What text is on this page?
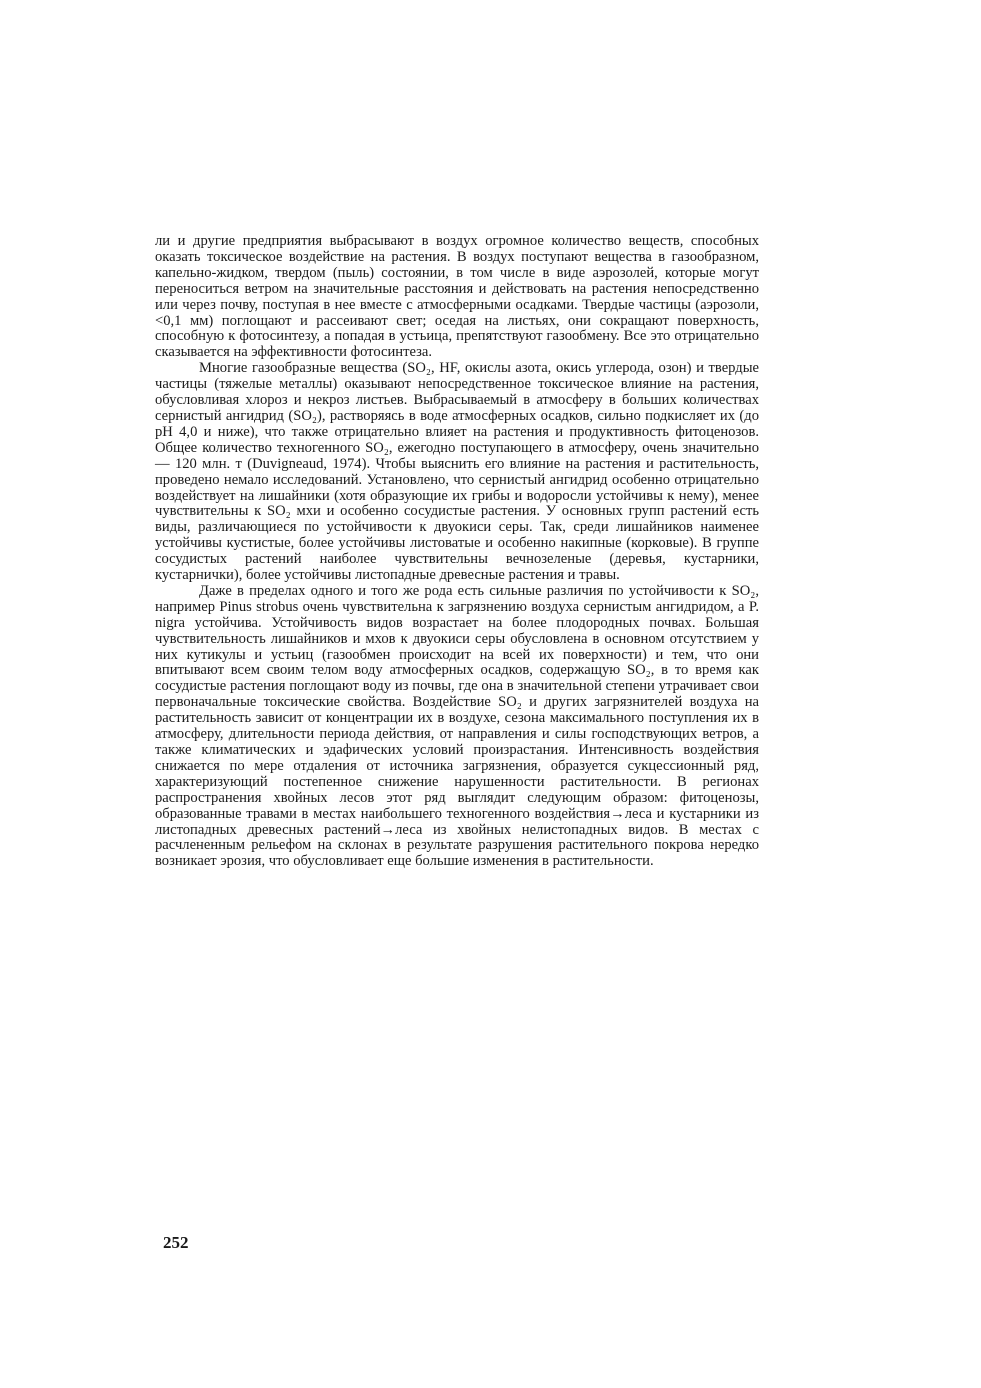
ли и другие предприятия выбрасывают в воздух огромное количество веществ, способных оказать токсическое воздействие на растения. В воздух поступают вещества в газообразном, капельно-жидком, твердом (пыль) состоянии, в том числе в виде аэрозолей, которые могут переноситься ветром на значительные расстояния и действовать на растения непосредственно или через почву, поступая в нее вместе с атмосферными осадками. Твердые частицы (аэрозоли, <0,1 мм) поглощают и рассеивают свет; оседая на листьях, они сокращают поверхность, способную к фотосинтезу, а попадая в устьица, препятствуют газообмену. Все это отрицательно сказывается на эффективности фотосинтеза.

Многие газообразные вещества (SO₂, HF, окислы азота, окись углерода, озон) и твердые частицы (тяжелые металлы) оказывают непосредственное токсическое влияние на растения, обусловливая хлороз и некроз листьев. Выбрасываемый в атмосферу в больших количествах сернистый ангидрид (SO₂), растворяясь в воде атмосферных осадков, сильно подкисляет их (до pH 4,0 и ниже), что также отрицательно влияет на растения и продуктивность фитоценозов. Общее количество техногенного SO₂, ежегодно поступающего в атмосферу, очень значительно — 120 млн. т (Duvigneaud, 1974). Чтобы выяснить его влияние на растения и растительность, проведено немало исследований. Установлено, что сернистый ангидрид особенно отрицательно воздействует на лишайники (хотя образующие их грибы и водоросли устойчивы к нему), менее чувствительны к SO₂ мхи и особенно сосудистые растения. У основных групп растений есть виды, различающиеся по устойчивости к двуокиси серы. Так, среди лишайников наименее устойчивы кустистые, более устойчивы листоватые и особенно накипные (корковые). В группе сосудистых растений наиболее чувствительны вечнозеленые (деревья, кустарники, кустарнички), более устойчивы листопадные древесные растения и травы.

Даже в пределах одного и того же рода есть сильные различия по устойчивости к SO₂, например Pinus strobus очень чувствительна к загрязнению воздуха сернистым ангидридом, а P. nigra устойчива. Устойчивость видов возрастает на более плодородных почвах. Большая чувствительность лишайников и мхов к двуокиси серы обусловлена в основном отсутствием у них кутикулы и устьиц (газообмен происходит на всей их поверхности) и тем, что они впитывают всем своим телом воду атмосферных осадков, содержащую SO₂, в то время как сосудистые растения поглощают воду из почвы, где она в значительной степени утрачивает свои первоначальные токсические свойства. Воздействие SO₂ и других загрязнителей воздуха на растительность зависит от концентрации их в воздухе, сезона максимального поступления их в атмосферу, длительности периода действия, от направления и силы господствующих ветров, а также климатических и эдафических условий произрастания. Интенсивность воздействия снижается по мере отдаления от источника загрязнения, образуется сукцессионный ряд, характеризующий постепенное снижение нарушенности растительности. В регионах распространения хвойных лесов этот ряд выглядит следующим образом: фитоценозы, образованные травами в местах наибольшего техногенного воздействия→леса и кустарники из листопадных древесных растений→леса из хвойных нелистопадных видов. В местах с расчлененным рельефом на склонах в результате разрушения растительного покрова нередко возникает эрозия, что обусловливает еще большие изменения в растительности.

252
